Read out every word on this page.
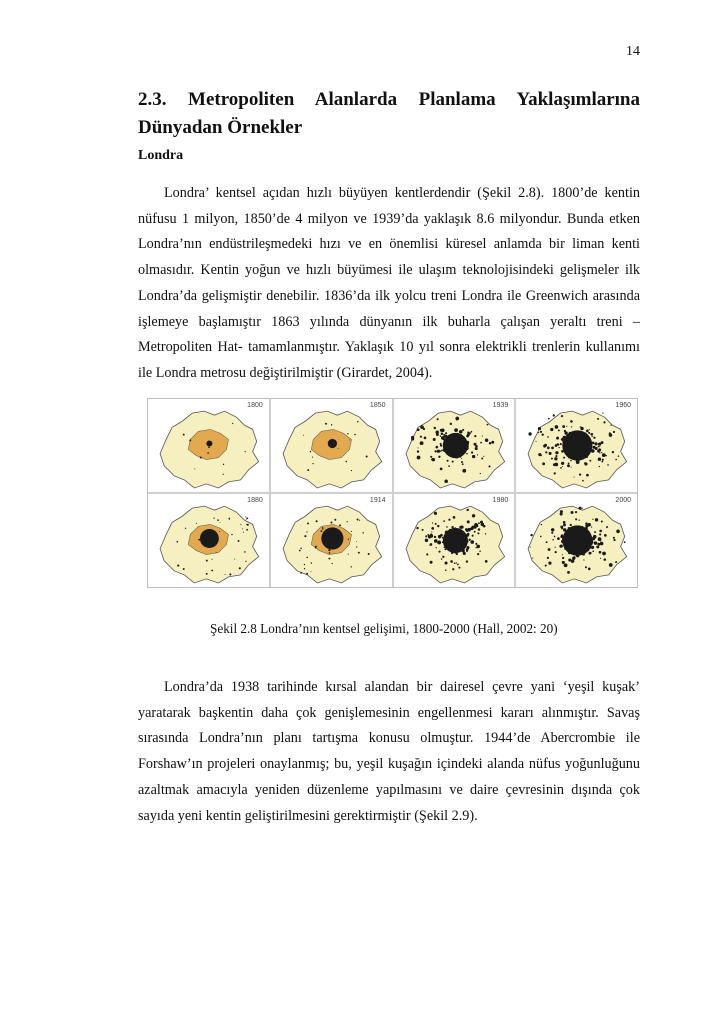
14
2.3. Metropoliten Alanlarda Planlama Yaklaşımlarına Dünyadan Örnekler
Londra

Londra’ kentsel açıdan hızlı büyüyen kentlerdendir (Şekil 2.8). 1800’de kentin nüfusu 1 milyon, 1850’de 4 milyon ve 1939’da yaklaşık 8.6 milyondur. Bunda etken Londra’nın endüstrileşmedeki hızı ve en önemlisi küresel anlamda bir liman kenti olmasıdır. Kentin yoğun ve hızlı büyümesi ile ulaşım teknolojisindeki gelişmeler ilk Londra’da gelişmiştir denebilir. 1836’da ilk yolcu treni Londra ile Greenwich arasında işlemeye başlamıştır 1863 yılında dünyanın ilk buharla çalışan yeraltı treni – Metropoliten Hat- tamamlanmıştır. Yaklaşık 10 yıl sonra elektrikli trenlerin kullanımı ile Londra metrosu değiştirilmiştir (Girardet, 2004).

1800	1850	1939	1960
1880	1914	1980	2000

Şekil 2.8 Londra’nın kentsel gelişimi, 1800-2000 (Hall, 2002: 20)

Londra’da 1938 tarihinde kırsal alandan bir dairesel çevre yani ‘yeşil kuşak’ yaratarak başkentin daha çok genişlemesinin engellenmesi kararı alınmıştır. Savaş sırasında Londra’nın planı tartışma konusu olmuştur. 1944’de Abercrombie ile Forshaw’ın projeleri onaylanmış; bu, yeşil kuşağın içindeki alanda nüfus yoğunluğunu azaltmak amacıyla yeniden düzenleme yapılmasını ve daire çevresinin dışında çok sayıda yeni kentin geliştirilmesini gerektirmiştir (Şekil 2.9).
